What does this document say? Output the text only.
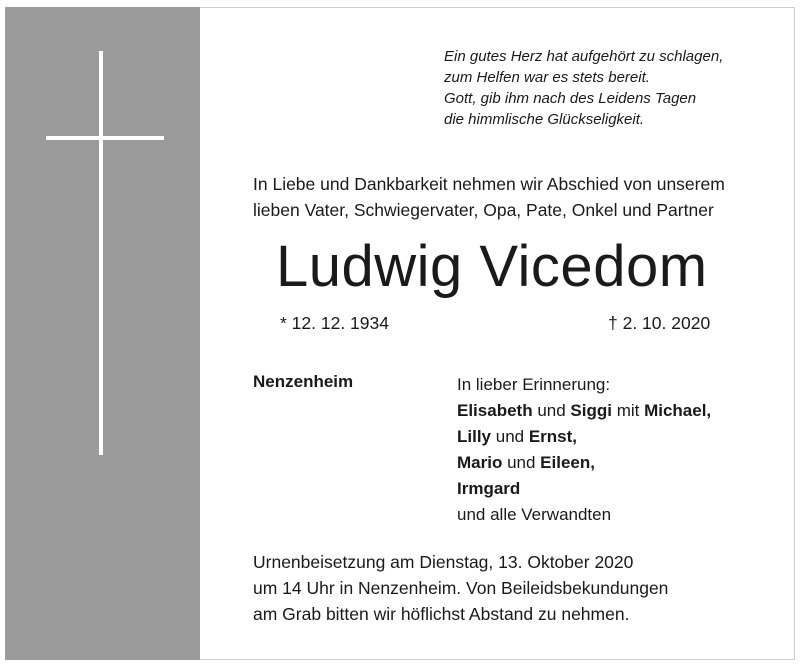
Ein gutes Herz hat aufgehört zu schlagen,
zum Helfen war es stets bereit.
Gott, gib ihm nach des Leidens Tagen
die himmlische Glückseligkeit.
In Liebe und Dankbarkeit nehmen wir Abschied von unserem
lieben Vater, Schwiegervater, Opa, Pate, Onkel und Partner
Ludwig Vicedom
* 12. 12. 1934	† 2. 10. 2020
Nenzenheim	In lieber Erinnerung:
Elisabeth und Siggi mit Michael,
Lilly und Ernst,
Mario und Eileen,
Irmgard
und alle Verwandten
Urnenbeisetzung am Dienstag, 13. Oktober 2020
um 14 Uhr in Nenzenheim. Von Beileidsbekundungen
am Grab bitten wir höflichst Abstand zu nehmen.
